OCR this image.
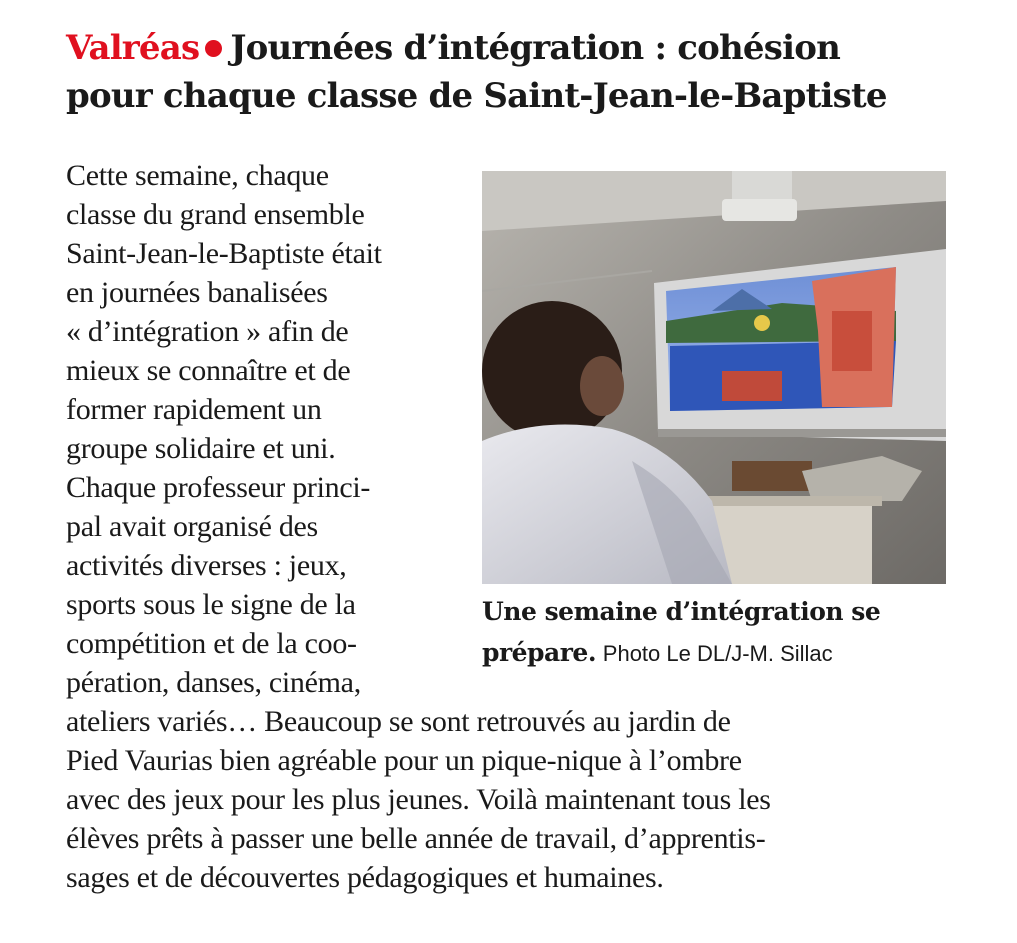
Valréas Journées d’intégration : cohésion
pour chaque classe de Saint-Jean-le-Baptiste
Cette semaine, chaque
classe du grand ensemble
Saint-Jean-le-Baptiste était
en journées banalisées
« d’intégration » afin de
mieux se connaître et de
former rapidement un
groupe solidaire et uni.
Chaque professeur princi-
pal avait organisé des
activités diverses : jeux,
sports sous le signe de la
compétition et de la coo-
pération, danses, cinéma,
ateliers variés… Beaucoup se sont retrouvés au jardin de
Pied Vaurias bien agréable pour un pique-nique à l’ombre
avec des jeux pour les plus jeunes. Voilà maintenant tous les
élèves prêts à passer une belle année de travail, d’apprentis-
sages et de découvertes pédagogiques et humaines.
Une semaine d’intégration se
prépare. Photo Le DL/J-M. Sillac
